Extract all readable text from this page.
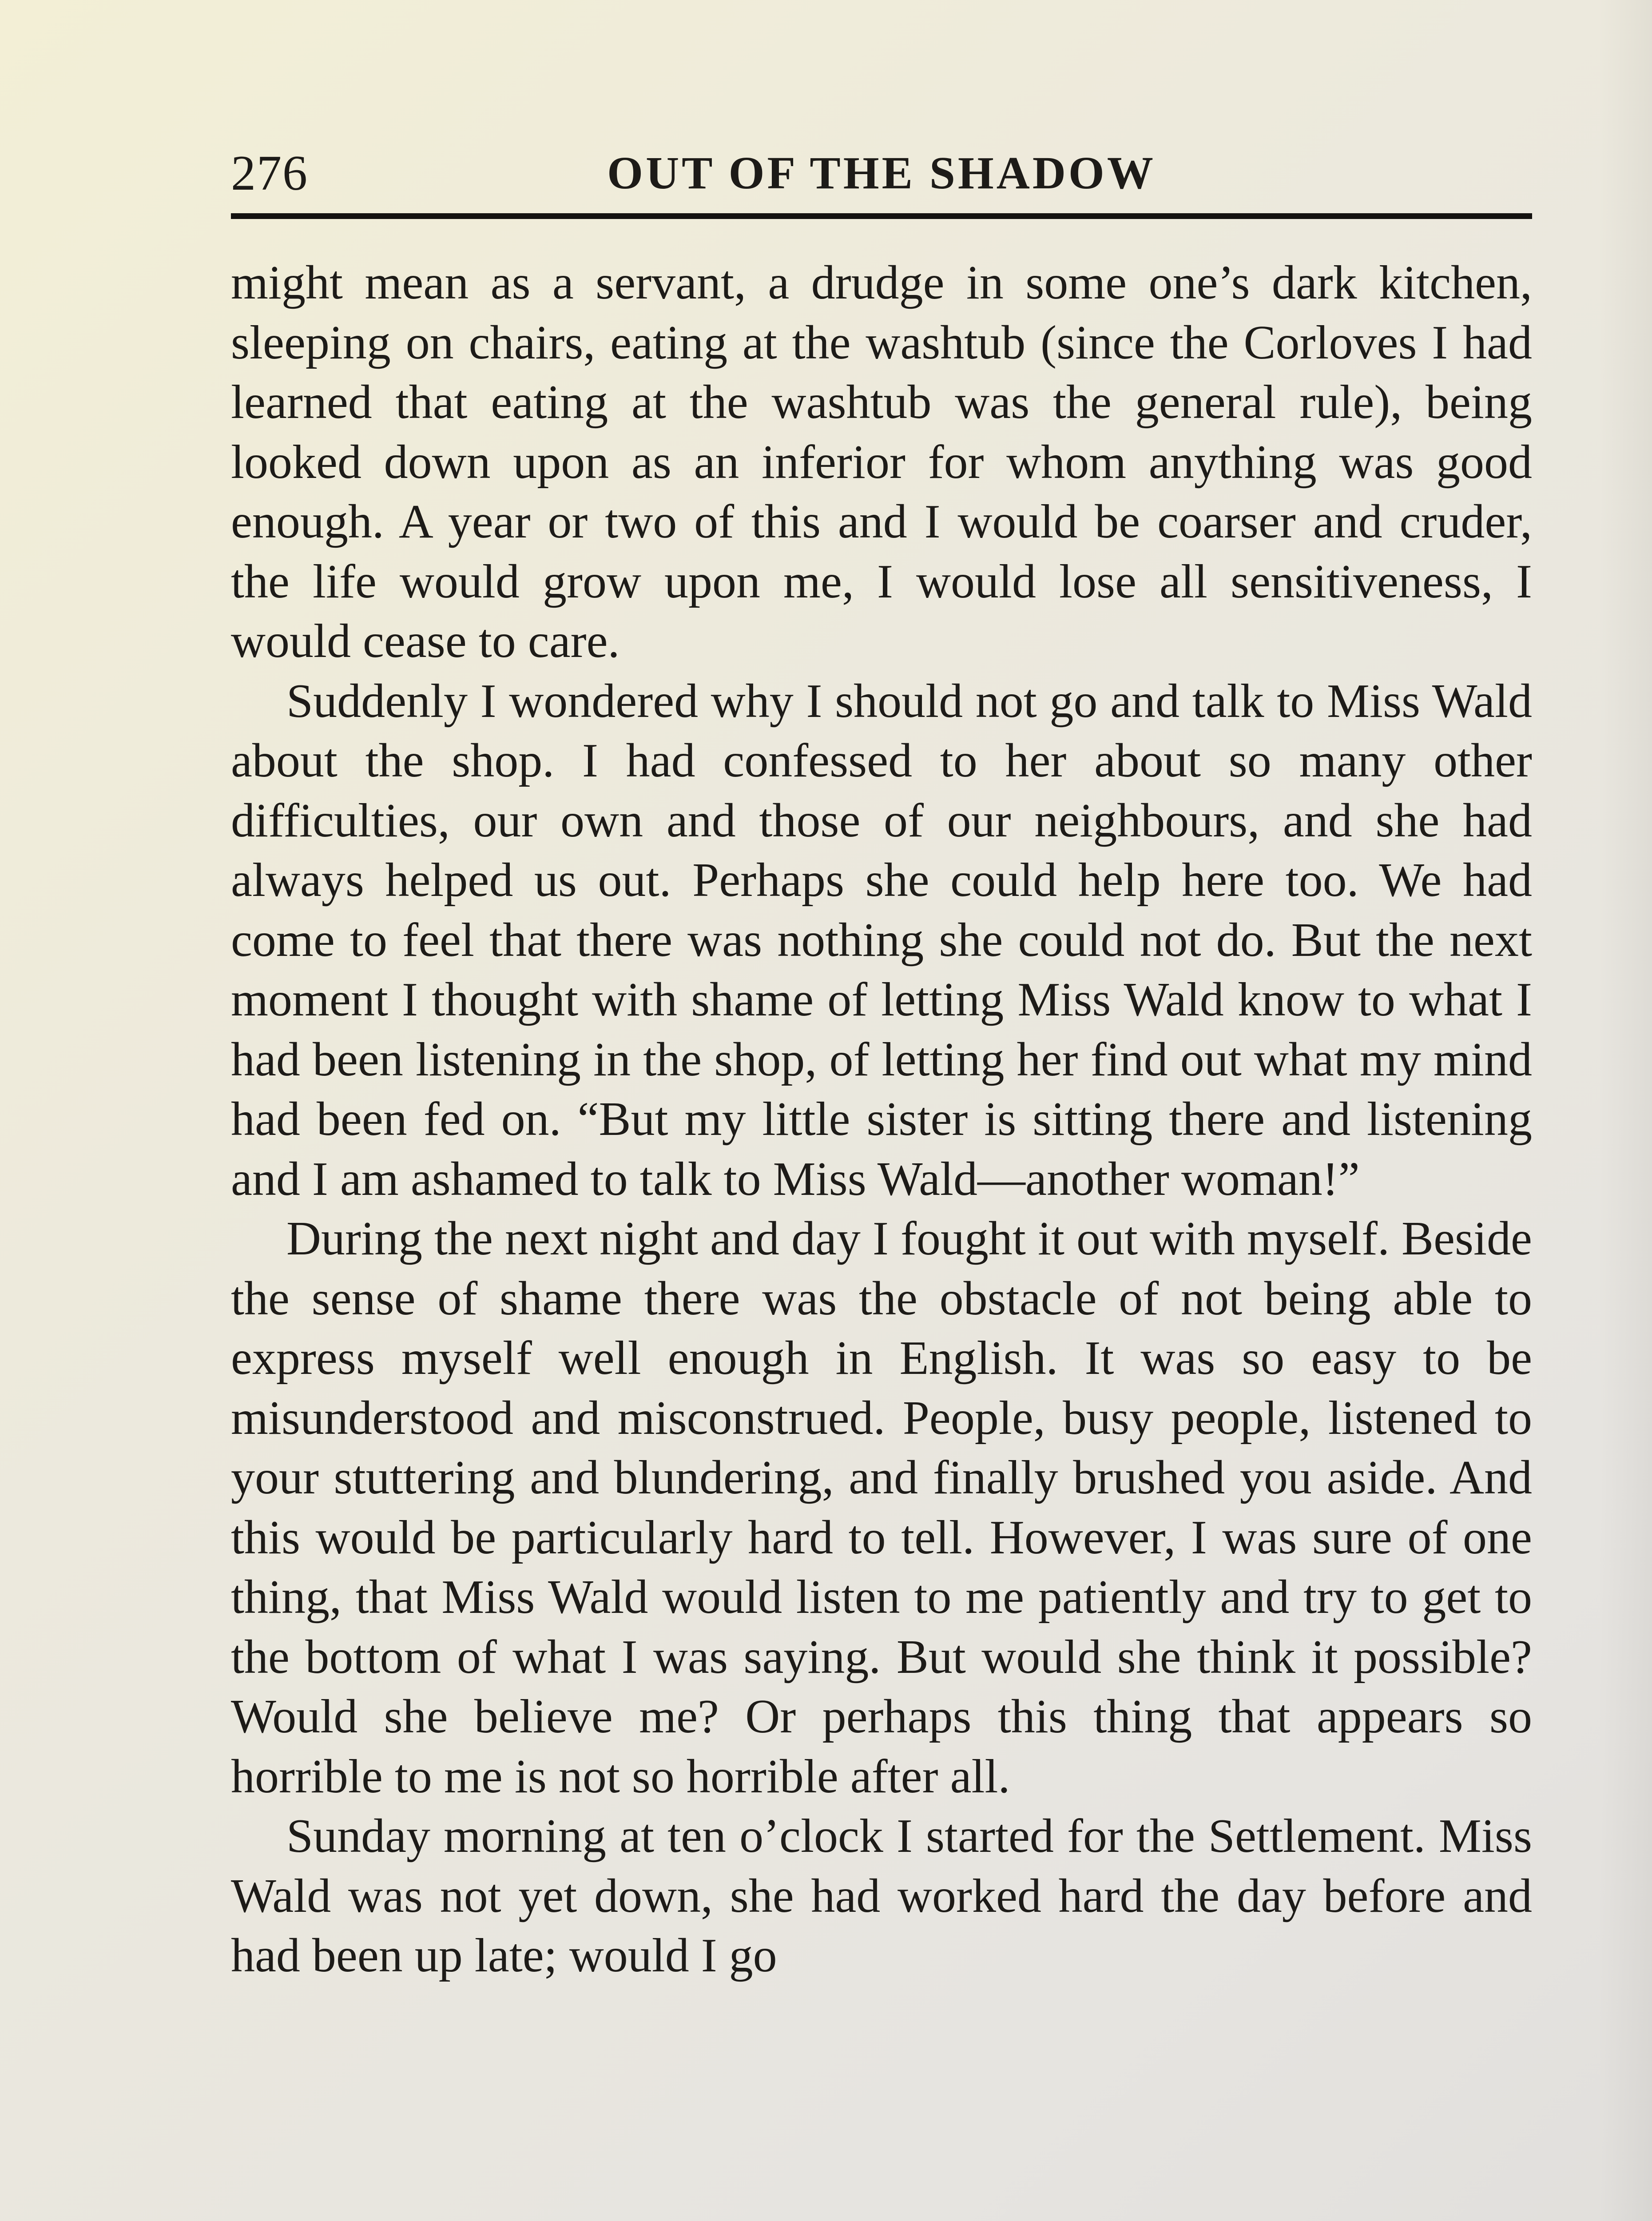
276	OUT OF THE SHADOW

might mean as a servant, a drudge in some one’s dark kitchen, sleeping on chairs, eating at the washtub (since the Corloves I had learned that eating at the washtub was the general rule), being looked down upon as an inferior for whom anything was good enough. A year or two of this and I would be coarser and cruder, the life would grow upon me, I would lose all sensitiveness, I would cease to care.

Suddenly I wondered why I should not go and talk to Miss Wald about the shop. I had confessed to her about so many other difficulties, our own and those of our neighbours, and she had always helped us out. Perhaps she could help here too. We had come to feel that there was nothing she could not do. But the next moment I thought with shame of letting Miss Wald know to what I had been listening in the shop, of letting her find out what my mind had been fed on. “But my little sister is sitting there and listening and I am ashamed to talk to Miss Wald—another woman!”

During the next night and day I fought it out with myself. Beside the sense of shame there was the obstacle of not being able to express myself well enough in English. It was so easy to be misunderstood and misconstrued. People, busy people, listened to your stuttering and blundering, and finally brushed you aside. And this would be particularly hard to tell. However, I was sure of one thing, that Miss Wald would listen to me patiently and try to get to the bottom of what I was saying. But would she think it possible? Would she believe me? Or perhaps this thing that appears so horrible to me is not so horrible after all.

Sunday morning at ten o’clock I started for the Settlement. Miss Wald was not yet down, she had worked hard the day before and had been up late; would I go
